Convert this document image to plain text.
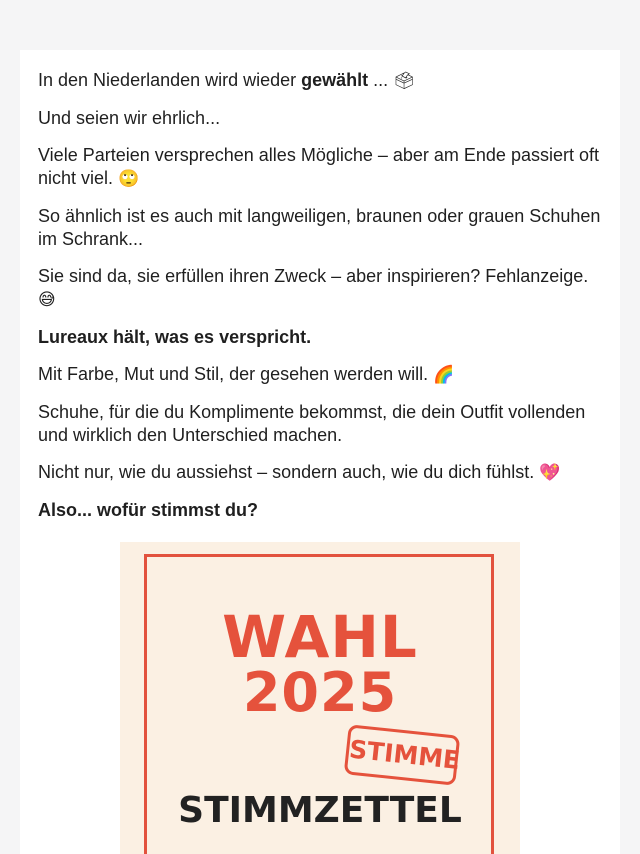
In den Niederlanden wird wieder gewählt ... 🗳

Und seien wir ehrlich...

Viele Parteien versprechen alles Mögliche – aber am Ende passiert oft nicht viel. 🙄

So ähnlich ist es auch mit langweiligen, braunen oder grauen Schuhen im Schrank...

Sie sind da, sie erfüllen ihren Zweck – aber inspirieren? Fehlanzeige. 😅

Lureaux hält, was es verspricht.

Mit Farbe, Mut und Stil, der gesehen werden will. 🌈

Schuhe, für die du Komplimente bekommst, die dein Outfit vollenden und wirklich den Unterschied machen.

Nicht nur, wie du aussiehst – sondern auch, wie du dich fühlst. 💖

Also... wofür stimmst du?

WAHL
2025
STIMME
STIMMZETTEL
